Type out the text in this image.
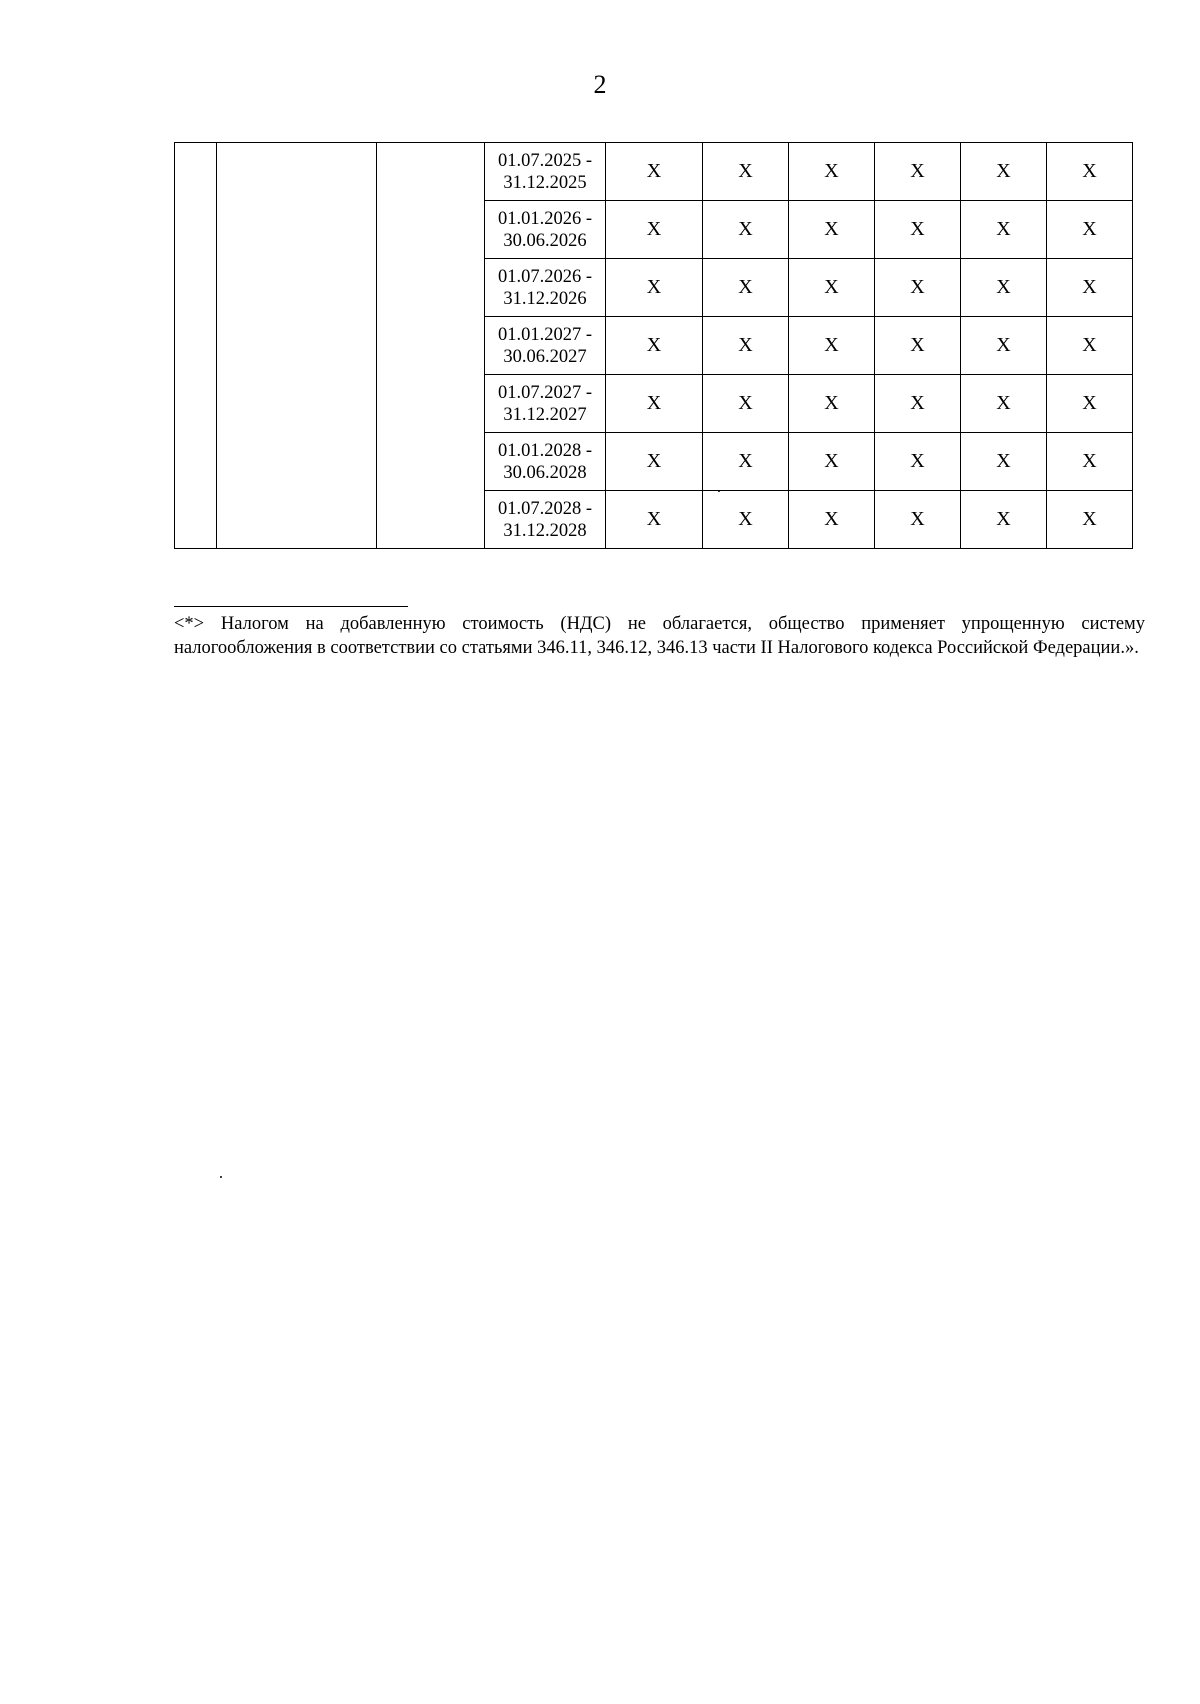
2

			01.07.2025 -
31.12.2025	X	X	X	X	X	X

			01.01.2026 -
30.06.2026	X	X	X	X	X	X

			01.07.2026 -
31.12.2026	X	X	X	X	X	X

			01.01.2027 -
30.06.2027	X	X	X	X	X	X

			01.07.2027 -
31.12.2027	X	X	X	X	X	X

			01.01.2028 -
30.06.2028	X	X	X	X	X	X

			01.07.2028 -
31.12.2028	X	X	X	X	X	X

<*> Налогом на добавленную стоимость (НДС) не облагается, общество применяет упрощенную систему налогообложения в соответствии со статьями 346.11, 346.12, 346.13 части II Налогового кодекса Российской Федерации.».
